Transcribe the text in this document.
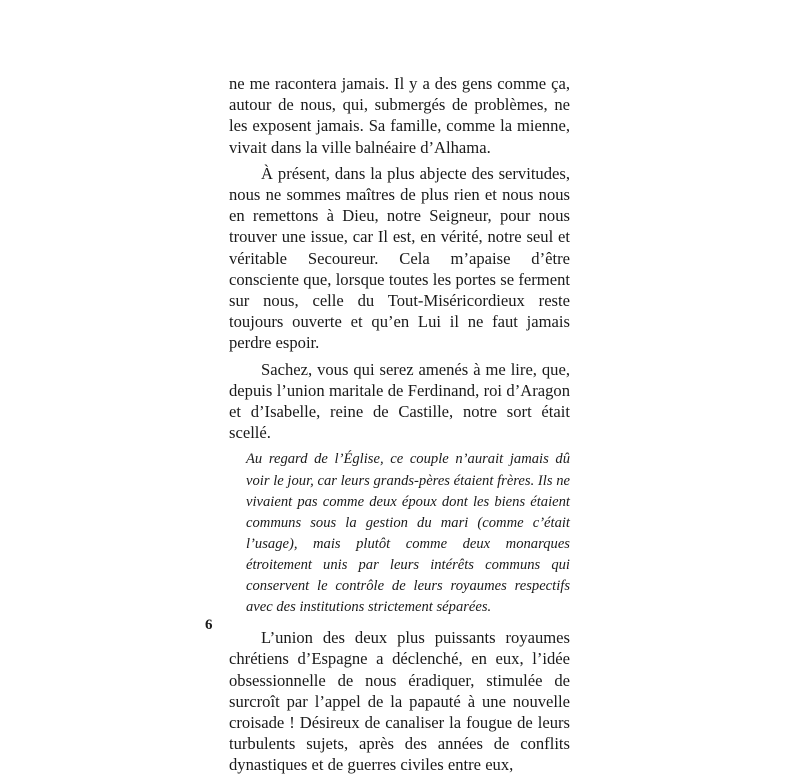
ne me racontera jamais. Il y a des gens comme ça, autour de nous, qui, submergés de problèmes, ne les exposent jamais. Sa famille, comme la mienne, vivait dans la ville balnéaire d’Alhama.

À présent, dans la plus abjecte des servitudes, nous ne sommes maîtres de plus rien et nous nous en remettons à Dieu, notre Seigneur, pour nous trouver une issue, car Il est, en vérité, notre seul et véritable Secoureur. Cela m’apaise d’être consciente que, lorsque toutes les portes se ferment sur nous, celle du Tout-Miséricordieux reste toujours ouverte et qu’en Lui il ne faut jamais perdre espoir.

Sachez, vous qui serez amenés à me lire, que, depuis l’union maritale de Ferdinand, roi d’Aragon et d’Isabelle, reine de Castille, notre sort était scellé.

Au regard de l’Église, ce couple n’aurait jamais dû voir le jour, car leurs grands-pères étaient frères. Ils ne vivaient pas comme deux époux dont les biens étaient communs sous la gestion du mari (comme c’était l’usage), mais plutôt comme deux monarques étroitement unis par leurs intérêts communs qui conservent le contrôle de leurs royaumes respectifs avec des institutions strictement séparées.

L’union des deux plus puissants royaumes chrétiens d’Espagne a déclenché, en eux, l’idée obsessionnelle de nous éradiquer, stimulée de surcroît par l’appel de la papauté à une nouvelle croisade ! Désireux de canaliser la fougue de leurs turbulents sujets, après des années de conflits dynastiques et de guerres civiles entre eux,

6
